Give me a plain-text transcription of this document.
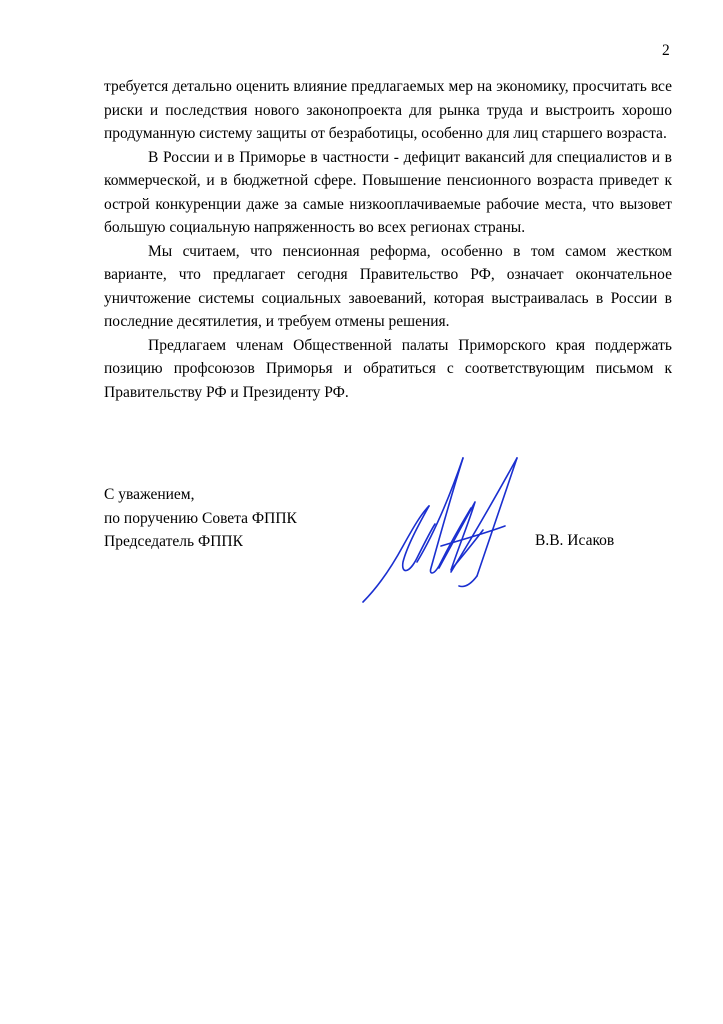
2

требуется детально оценить влияние предлагаемых мер на экономику, просчитать все риски и последствия нового законопроекта для рынка труда и выстроить хорошо продуманную систему защиты от безработицы, особенно для лиц старшего возраста.

В России и в Приморье в частности - дефицит вакансий для специалистов и в коммерческой, и в бюджетной сфере. Повышение пенсионного возраста приведет к острой конкуренции даже за самые низкооплачиваемые рабочие места, что вызовет большую социальную напряженность во всех регионах страны.

Мы считаем, что пенсионная реформа, особенно в том самом жестком варианте, что предлагает сегодня Правительство РФ, означает окончательное уничтожение системы социальных завоеваний, которая выстраивалась в России в последние десятилетия, и требуем отмены решения.

Предлагаем членам Общественной палаты Приморского края поддержать позицию профсоюзов Приморья и обратиться с соответствующим письмом к Правительству РФ и Президенту РФ.

С уважением,
по поручению Совета ФППК
Председатель ФППК	В.В. Исаков
